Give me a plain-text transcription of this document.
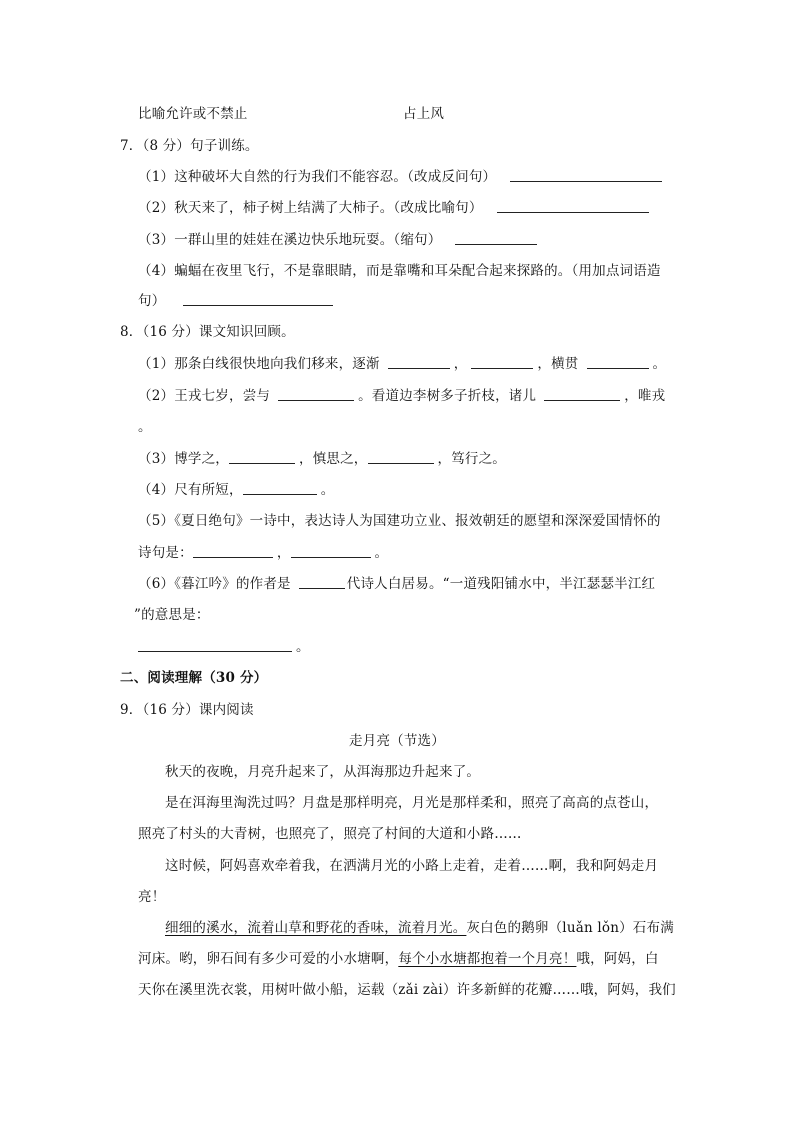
比喻允许或不禁止	占上风
7．（8 分）句子训练。
（1）这种破坏大自然的行为我们不能容忍。（改成反问句）
（2）秋天来了，柿子树上结满了大柿子。（改成比喻句）
（3）一群山里的娃娃在溪边快乐地玩耍。（缩句）
（4）蝙蝠在夜里飞行，不是靠眼睛，而是靠嘴和耳朵配合起来探路的。（用加点词语造
句）
8．（16 分）课文知识回顾。
（1）那条白线很快地向我们移来，逐渐	，	，横贯	。
（2）王戎七岁，尝与	。看道边李树多子折枝，诸儿	，唯戎
。
（3）博学之，	，慎思之，	，笃行之。
（4）尺有所短，	。
（5）《夏日绝句》一诗中，表达诗人为国建功立业、报效朝廷的愿望和深深爱国情怀的
诗句是：	，	。
（6）《暮江吟》的作者是	代诗人白居易。“一道残阳铺水中，半江瑟瑟半江红
”的意思是：
。
二、阅读理解（30 分）
9．（16 分）课内阅读
走月亮（节选）
秋天的夜晚，月亮升起来了，从洱海那边升起来了。
是在洱海里淘洗过吗？月盘是那样明亮，月光是那样柔和，照亮了高高的点苍山，
照亮了村头的大青树，也照亮了，照亮了村间的大道和小路……
这时候，阿妈喜欢牵着我，在洒满月光的小路上走着，走着……啊，我和阿妈走月
亮！
细细的溪水，流着山草和野花的香味，流着月光。灰白色的鹅卵（luǎn lǒn）石布满
河床。哟，卵石间有多少可爱的小水塘啊，每个小水塘都抱着一个月亮！哦，阿妈，白
天你在溪里洗衣裳，用树叶做小船，运载（zǎi zài）许多新鲜的花瓣……哦，阿妈，我们
